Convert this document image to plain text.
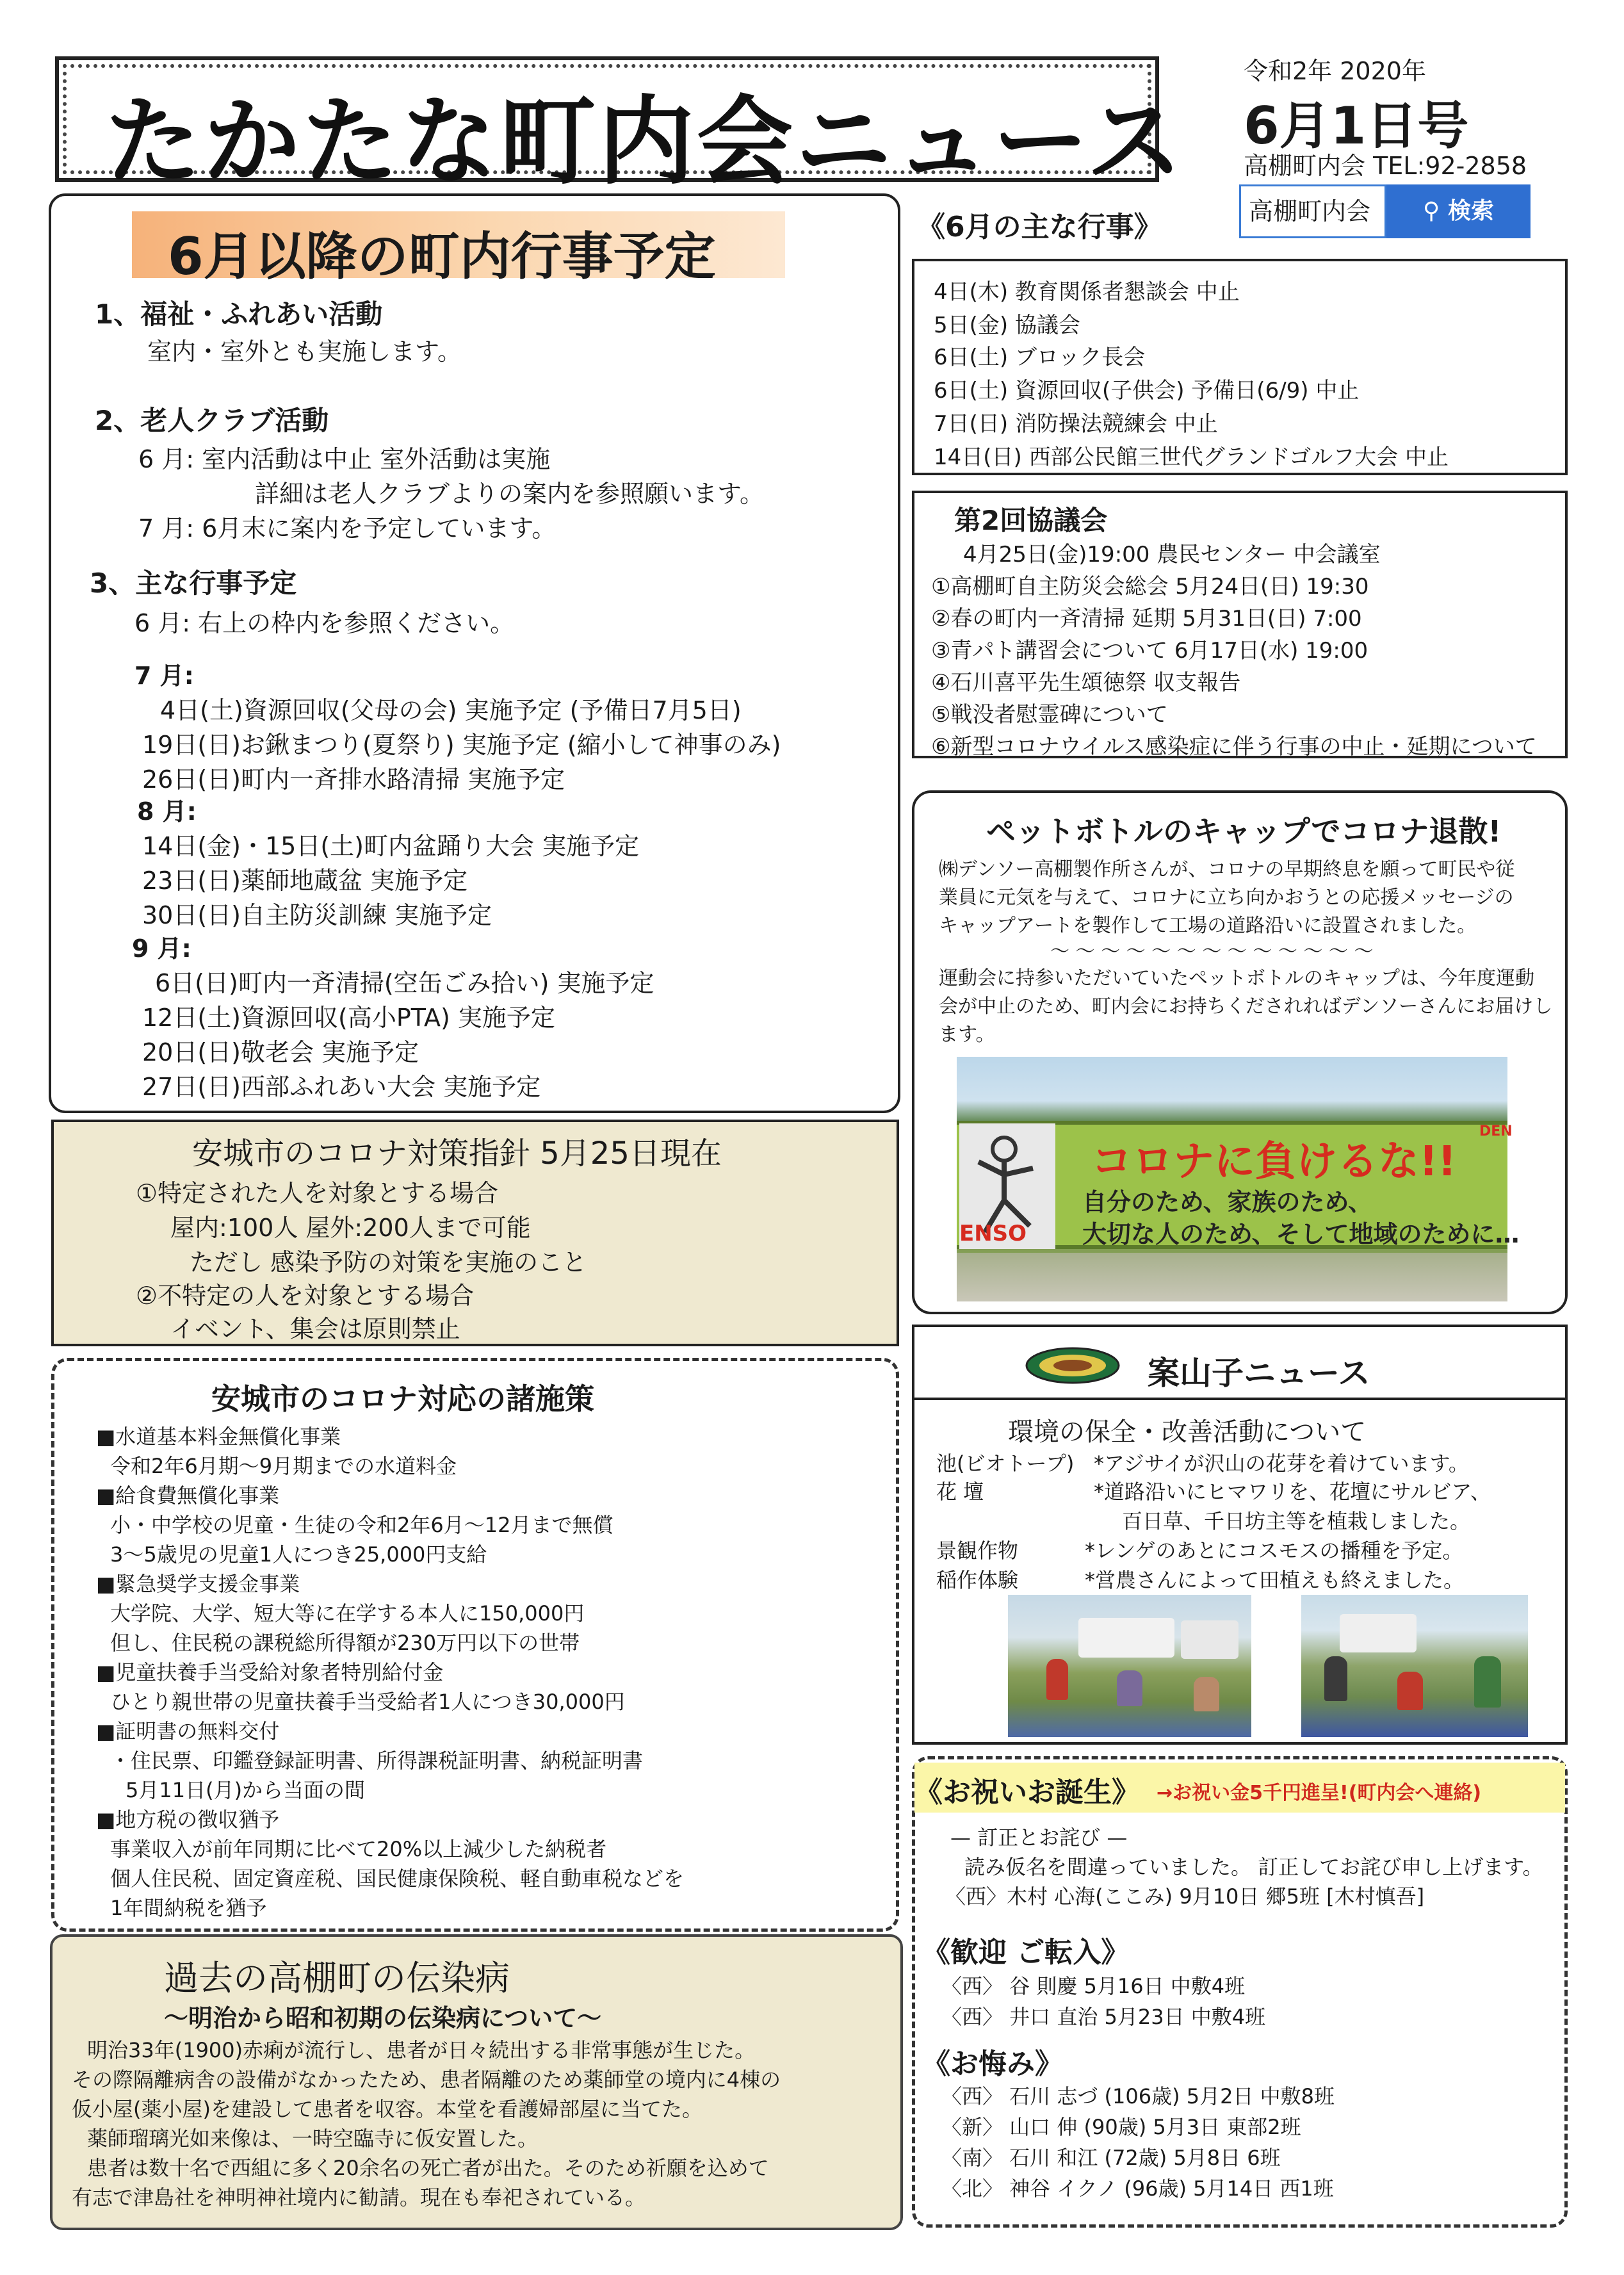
たかたな町内会ニュース
令和2年 2020年
6月1日号
高棚町内会 TEL:92-2858
高棚町内会	⚲ 検索
6月以降の町内行事予定
1、福祉・ふれあい活動
室内・室外とも実施します。
2、老人クラブ活動
6 月: 室内活動は中止 室外活動は実施
詳細は老人クラブよりの案内を参照願います。
7 月: 6月末に案内を予定しています。
3、主な行事予定
6 月: 右上の枠内を参照ください。
7 月:
4日(土)資源回収(父母の会) 実施予定 (予備日7月5日)
19日(日)お鍬まつり(夏祭り) 実施予定 (縮小して神事のみ)
26日(日)町内一斉排水路清掃 実施予定
8 月:
14日(金)・15日(土)町内盆踊り大会 実施予定
23日(日)薬師地蔵盆 実施予定
30日(日)自主防災訓練 実施予定
9 月:
6日(日)町内一斉清掃(空缶ごみ拾い) 実施予定
12日(土)資源回収(高小PTA) 実施予定
20日(日)敬老会 実施予定
27日(日)西部ふれあい大会 実施予定
《6月の主な行事》
4日(木) 教育関係者懇談会 中止
5日(金) 協議会
6日(土) ブロック長会
6日(土) 資源回収(子供会) 予備日(6/9) 中止
7日(日) 消防操法競練会 中止
14日(日) 西部公民館三世代グランドゴルフ大会 中止
第2回協議会
4月25日(金)19:00 農民センター 中会議室
①高棚町自主防災会総会 5月24日(日) 19:30
②春の町内一斉清掃 延期 5月31日(日) 7:00
③青パト講習会について 6月17日(水) 19:00
④石川喜平先生頌徳祭 収支報告
⑤戦没者慰霊碑について
⑥新型コロナウイルス感染症に伴う行事の中止・延期について
ペットボトルのキャップでコロナ退散!
㈱デンソー高棚製作所さんが、コロナの早期終息を願って町民や従
業員に元気を与えて、コロナに立ち向かおうとの応援メッセージの
キャップアートを製作して工場の道路沿いに設置されました。
〜 〜 〜 〜 〜 〜 〜 〜 〜 〜 〜 〜 〜
運動会に持参いただいていたペットボトルのキャップは、今年度運動
会が中止のため、町内会にお持ちくだされればデンソーさんにお届けし
ます。
コロナに負けるな!!
自分のため、家族のため、
大切な人のため、そして地域のために…
ENSO
DEN
安城市のコロナ対策指針 5月25日現在
①特定された人を対象とする場合
屋内:100人 屋外:200人まで可能
ただし 感染予防の対策を実施のこと
②不特定の人を対象とする場合
イベント、集会は原則禁止
安城市のコロナ対応の諸施策
■水道基本料金無償化事業
令和2年6月期〜9月期までの水道料金
■給食費無償化事業
小・中学校の児童・生徒の令和2年6月〜12月まで無償
3〜5歳児の児童1人につき25,000円支給
■緊急奨学支援金事業
大学院、大学、短大等に在学する本人に150,000円
但し、住民税の課税総所得額が230万円以下の世帯
■児童扶養手当受給対象者特別給付金
ひとり親世帯の児童扶養手当受給者1人につき30,000円
■証明書の無料交付
・住民票、印鑑登録証明書、所得課税証明書、納税証明書
5月11日(月)から当面の間
■地方税の徴収猶予
事業収入が前年同期に比べて20%以上減少した納税者
個人住民税、固定資産税、国民健康保険税、軽自動車税などを
1年間納税を猶予
過去の高棚町の伝染病
〜明治から昭和初期の伝染病について〜
明治33年(1900)赤痢が流行し、患者が日々続出する非常事態が生じた。
その際隔離病舎の設備がなかったため、患者隔離のため薬師堂の境内に4棟の
仮小屋(薬小屋)を建設して患者を収容。本堂を看護婦部屋に当てた。
薬師瑠璃光如来像は、一時空臨寺に仮安置した。
患者は数十名で西組に多く20余名の死亡者が出た。そのため祈願を込めて
有志で津島社を神明神社境内に勧請。現在も奉祀されている。
案山子ニュース
環境の保全・改善活動について
池(ビオトープ) *アジサイが沢山の花芽を着けています。
花 壇	*道路沿いにヒマワリを、花壇にサルビア、
百日草、千日坊主等を植栽しました。
景観作物	*レンゲのあとにコスモスの播種を予定。
稲作体験	*営農さんによって田植えも終えました。
《お祝いお誕生》 →お祝い金5千円進呈!(町内会へ連絡)
— 訂正とお詫び —
読み仮名を間違っていました。 訂正してお詫び申し上げます。
〈西〉木村 心海(ここみ) 9月10日 郷5班 [木村慎吾]
《歓迎 ご転入》
〈西〉 谷 則慶 5月16日 中敷4班
〈西〉 井口 直治 5月23日 中敷4班
《お悔み》
〈西〉 石川 志づ (106歳) 5月2日 中敷8班
〈新〉 山口 伸 (90歳) 5月3日 東部2班
〈南〉 石川 和江 (72歳) 5月8日 6班
〈北〉 神谷 イクノ (96歳) 5月14日 西1班
